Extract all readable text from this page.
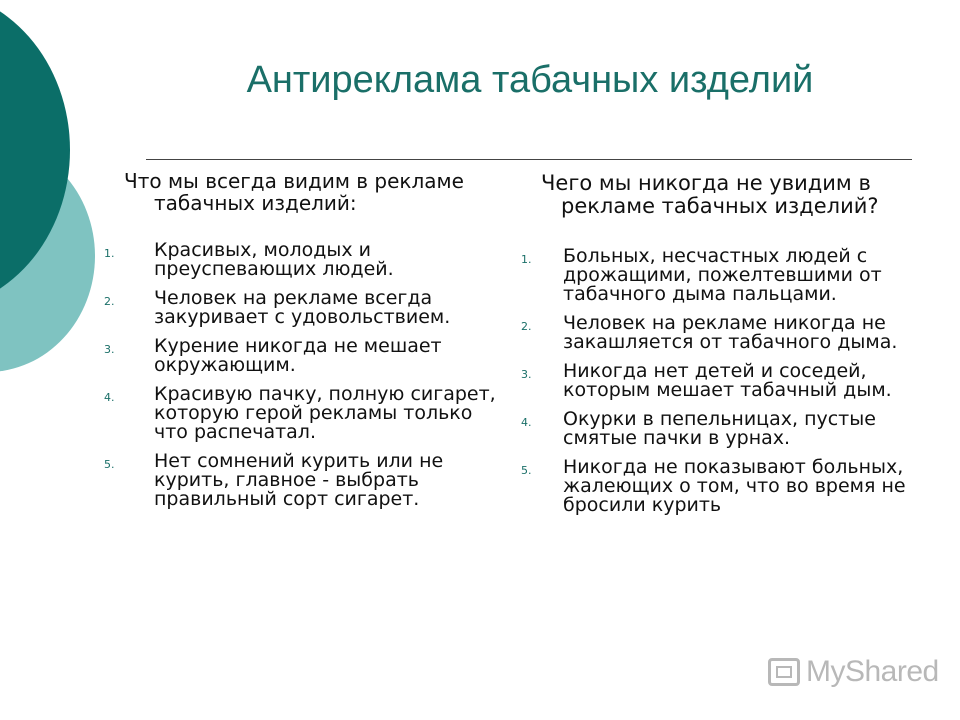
Антиреклама табачных изделий

Что мы всегда видим в рекламе табачных изделий:

1.	Красивых, молодых и преуспевающих людей.
2.	Человек на рекламе всегда закуривает с удовольствием.
3.	Курение никогда не мешает окружающим.
4.	Красивую пачку, полную сигарет, которую герой рекламы только что распечатал.
5.	Нет сомнений курить или не курить, главное - выбрать правильный сорт сигарет.

Чего мы никогда не увидим в рекламе табачных изделий?

1.	Больных, несчастных людей с дрожащими, пожелтевшими от табачного дыма пальцами.
2.	Человек на рекламе никогда не закашляется от табачного дыма.
3.	Никогда нет детей и соседей, которым мешает табачный дым.
4.	Окурки в пепельницах, пустые смятые пачки в урнах.
5.	Никогда не показывают больных, жалеющих о том, что во время не бросили курить
MyShared
